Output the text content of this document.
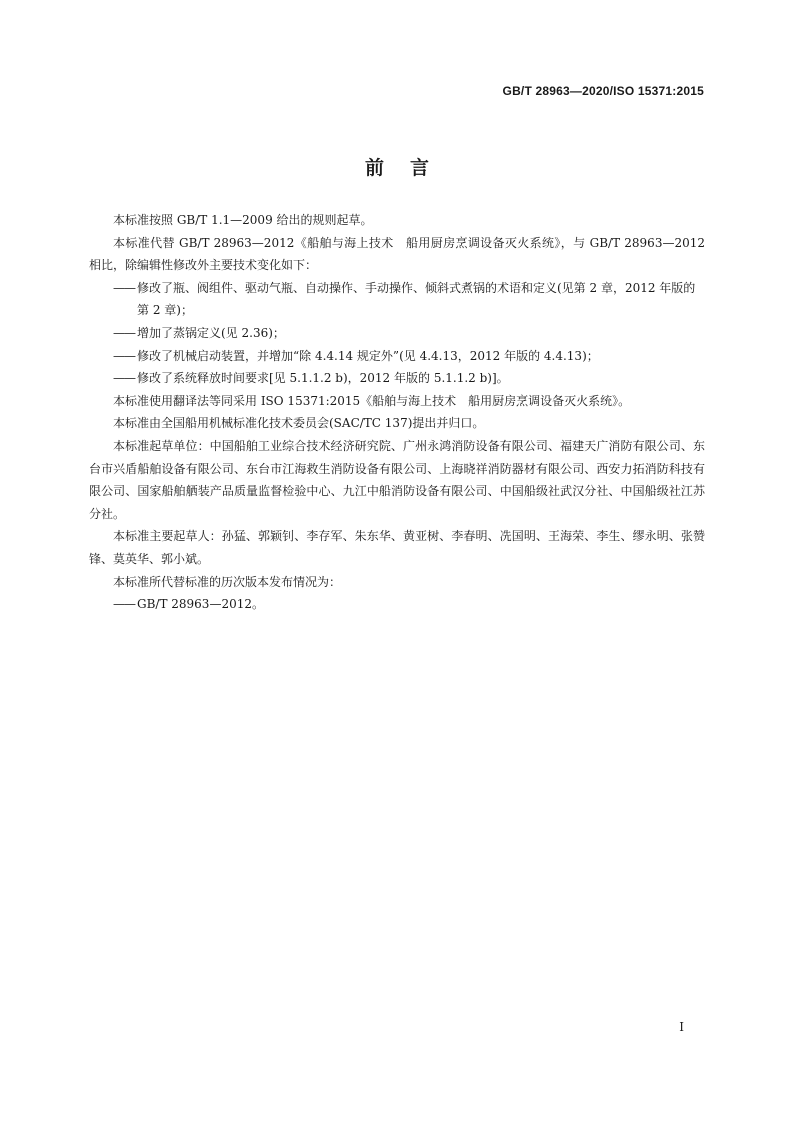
GB/T 28963—2020/ISO 15371:2015
前言

本标准按照 GB/T 1.1—2009 给出的规则起草。

本标准代替 GB/T 28963—2012《船舶与海上技术　船用厨房烹调设备灭火系统》，与 GB/T 28963—2012 相比，除编辑性修改外主要技术变化如下：

—— 修改了瓶、阀组件、驱动气瓶、自动操作、手动操作、倾斜式煮锅的术语和定义(见第 2 章，2012 年版的第 2 章)；
—— 增加了蒸锅定义(见 2.36)；
—— 修改了机械启动装置，并增加“除 4.4.14 规定外”(见 4.4.13，2012 年版的 4.4.13)；
—— 修改了系统释放时间要求[见 5.1.1.2 b)，2012 年版的 5.1.1.2 b)]。

本标准使用翻译法等同采用 ISO 15371:2015《船舶与海上技术　船用厨房烹调设备灭火系统》。

本标准由全国船用机械标准化技术委员会(SAC/TC 137)提出并归口。

本标准起草单位：中国船舶工业综合技术经济研究院、广州永鸿消防设备有限公司、福建天广消防有限公司、东台市兴盾船舶设备有限公司、东台市江海救生消防设备有限公司、上海晓祥消防器材有限公司、西安力拓消防科技有限公司、国家船舶舾装产品质量监督检验中心、九江中船消防设备有限公司、中国船级社武汉分社、中国船级社江苏分社。

本标准主要起草人：孙猛、郭颖钊、李存军、朱东华、黄亚树、李春明、冼国明、王海荣、李生、缪永明、张赞锋、莫英华、郭小斌。

本标准所代替标准的历次版本发布情况为：

—— GB/T 28963—2012。
I
